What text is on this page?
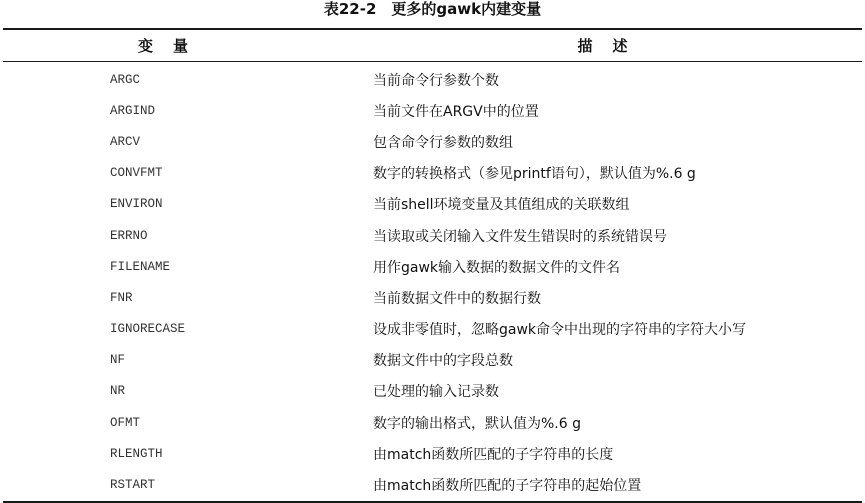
表22-2　更多的gawk内建变量
变量	描述
ARGC	当前命令行参数个数
ARGIND	当前文件在ARGV中的位置
ARCV	包含命令行参数的数组
CONVFMT	数字的转换格式（参见printf语句），默认值为%.6 g
ENVIRON	当前shell环境变量及其值组成的关联数组
ERRNO	当读取或关闭输入文件发生错误时的系统错误号
FILENAME	用作gawk输入数据的数据文件的文件名
FNR	当前数据文件中的数据行数
IGNORECASE	设成非零值时，忽略gawk命令中出现的字符串的字符大小写
NF	数据文件中的字段总数
NR	已处理的输入记录数
OFMT	数字的输出格式，默认值为%.6 g
RLENGTH	由match函数所匹配的子字符串的长度
RSTART	由match函数所匹配的子字符串的起始位置
